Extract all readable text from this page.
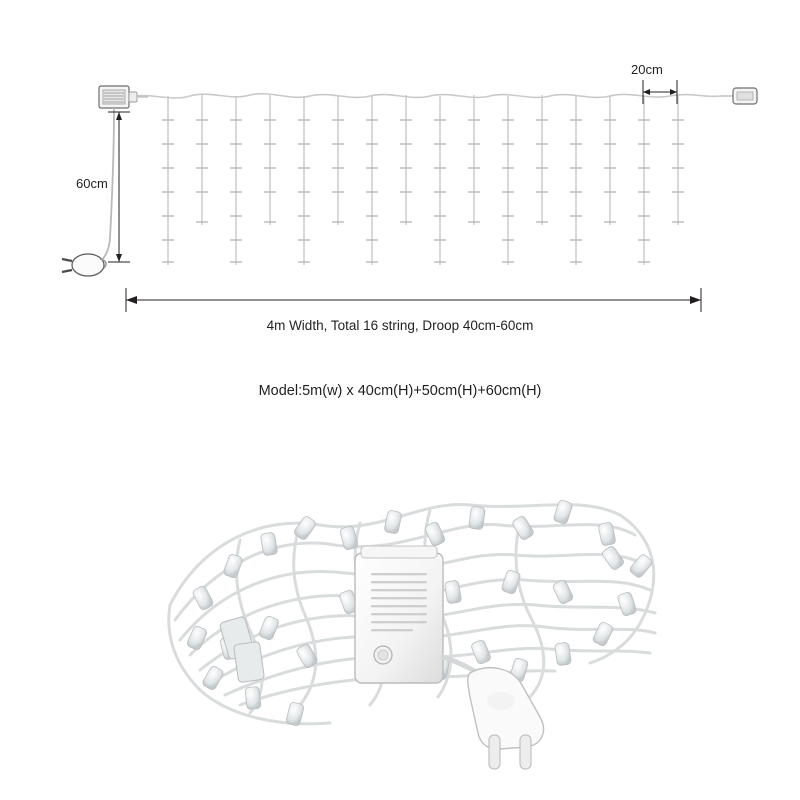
60cm
20cm
4m Width, Total 16 string, Droop 40cm-60cm
Model:5m(w) x 40cm(H)+50cm(H)+60cm(H)
